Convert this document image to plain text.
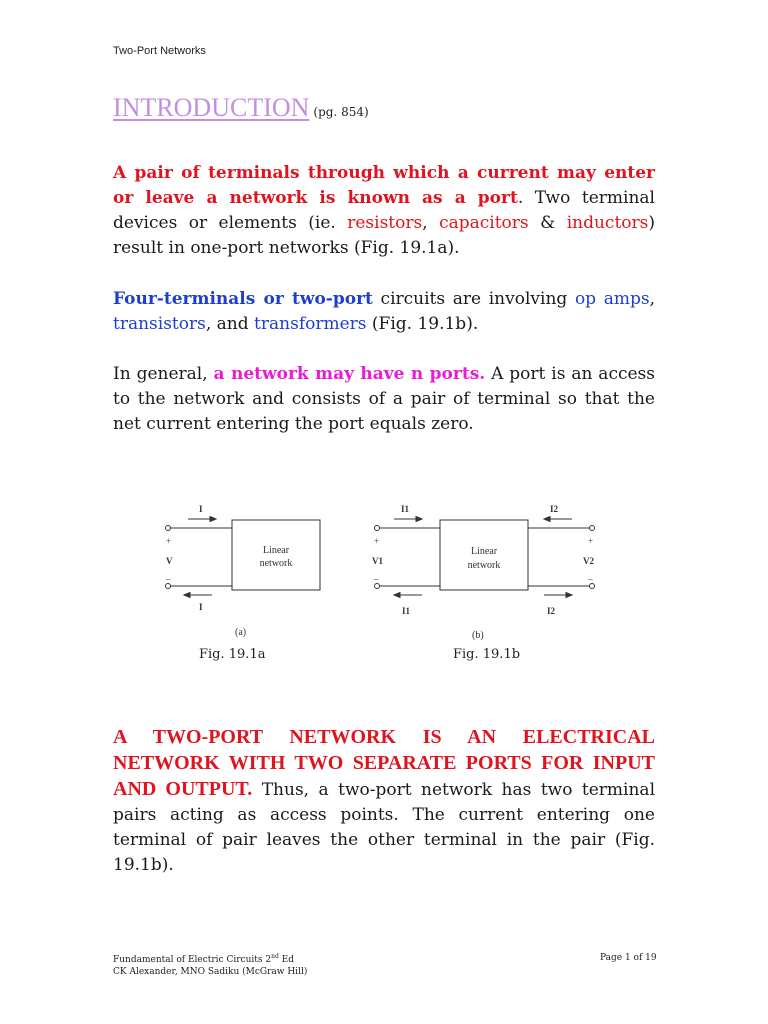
Two-Port Networks
INTRODUCTION (pg. 854)
A pair of terminals through which a current may enter or leave a network is known as a port. Two terminal devices or elements (ie. resistors, capacitors & inductors) result in one-port networks (Fig. 19.1a).
Four-terminals or two-port circuits are involving op amps, transistors, and transformers (Fig. 19.1b).
In general, a network may have n ports. A port is an access to the network and consists of a pair of terminal so that the net current entering the port equals zero.
I
I
+
V
–
Linear
network
(a)
I1
I1
I2
I2
+
V1
–
+
V2
–
Linear
network
(b)
Fig. 19.1a	Fig. 19.1b
A TWO-PORT NETWORK IS AN ELECTRICAL NETWORK WITH TWO SEPARATE PORTS FOR INPUT AND OUTPUT. Thus, a two-port network has two terminal pairs acting as access points. The current entering one terminal of pair leaves the other terminal in the pair (Fig. 19.1b).
Fundamental of Electric Circuits 2nd Ed
CK Alexander, MNO Sadiku (McGraw Hill)
Page 1 of 19
